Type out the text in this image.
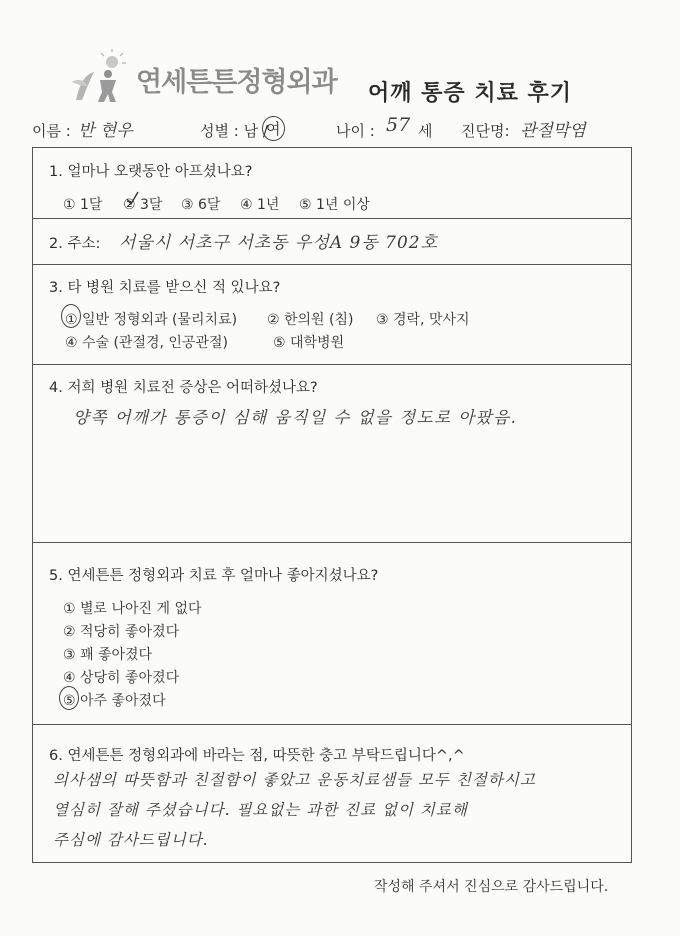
연세튼튼정형외과 어깨 통증 치료 후기
이름 : 반 현우	성별 : 남 /
여	나이 : 57 세 진단명: 관절막염
1. 얼마나 오랫동안 아프셨나요?
① 1달 ② 3달 ③ 6달 ④ 1년 ⑤ 1년 이상
2. 주소: 서울시 서초구 서초동 우성A 9동 702호
3. 타 병원 치료를 받으신 적 있나요?
① 일반 정형외과 (물리치료) ② 한의원 (침) ③ 경락, 맛사지
④ 수술 (관절경, 인공관절)	⑤ 대학병원
4. 저희 병원 치료전 증상은 어떠하셨나요?
양쪽 어깨가 통증이 심해 움직일 수 없을 정도로 아팠음.
5. 연세튼튼 정형외과 치료 후 얼마나 좋아지셨나요?
① 별로 나아진 게 없다
② 적당히 좋아졌다
③ 꽤 좋아졌다
④ 상당히 좋아졌다
⑤ 아주 좋아졌다
6. 연세튼튼 정형외과에 바라는 점, 따뜻한 충고 부탁드립니다^,^
의사샘의 따뜻함과 친절함이 좋았고 운동치료샘들 모두 친절하시고
열심히 잘해 주셨습니다. 필요없는 과한 진료 없이 치료해
주심에 감사드립니다.
작성해 주셔서 진심으로 감사드립니다.
